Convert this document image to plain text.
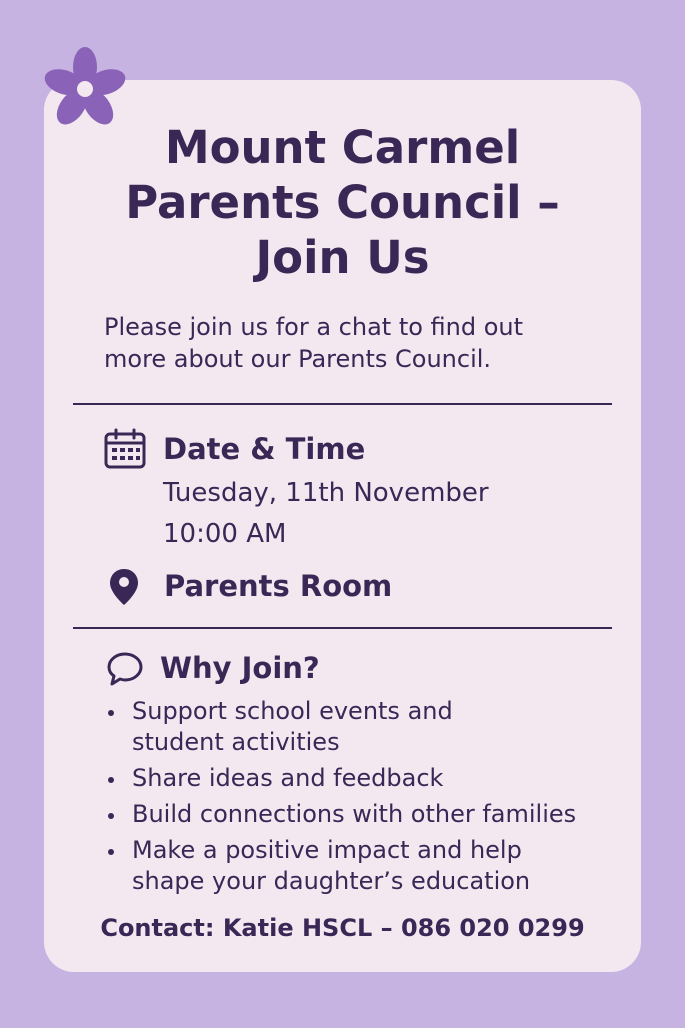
Mount Carmel
Parents Council –
Join Us
Please join us for a chat to find out
more about our Parents Council.
Date & Time
Tuesday, 11th November
10:00 AM
Parents Room
Why Join?
Support school events and
student activities
Share ideas and feedback
Build connections with other families
Make a positive impact and help
shape your daughter’s education
Contact: Katie HSCL – 086 020 0299
